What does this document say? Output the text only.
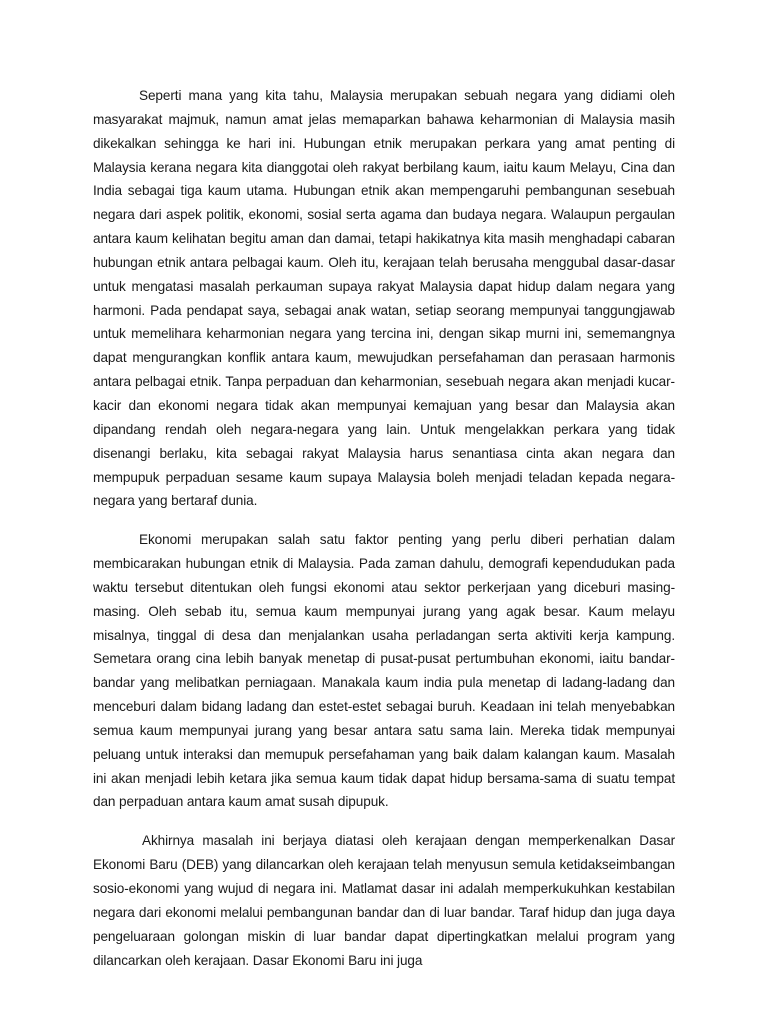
Seperti mana yang kita tahu, Malaysia merupakan sebuah negara yang didiami oleh masyarakat majmuk, namun amat jelas memaparkan bahawa keharmonian di Malaysia masih dikekalkan sehingga ke hari ini. Hubungan etnik merupakan perkara yang amat penting di Malaysia kerana negara kita dianggotai oleh rakyat berbilang kaum, iaitu kaum Melayu, Cina dan India sebagai tiga kaum utama. Hubungan etnik akan mempengaruhi pembangunan sesebuah negara dari aspek politik, ekonomi, sosial serta agama dan budaya negara. Walaupun pergaulan antara kaum kelihatan begitu aman dan damai, tetapi hakikatnya kita masih menghadapi cabaran hubungan etnik antara pelbagai kaum. Oleh itu, kerajaan telah berusaha menggubal dasar-dasar untuk mengatasi masalah perkauman supaya rakyat Malaysia dapat hidup dalam negara yang harmoni. Pada pendapat saya, sebagai anak watan, setiap seorang mempunyai tanggungjawab untuk memelihara keharmonian negara yang tercina ini, dengan sikap murni ini, sememangnya dapat mengurangkan konflik antara kaum, mewujudkan persefahaman dan perasaan harmonis antara pelbagai etnik. Tanpa perpaduan dan keharmonian, sesebuah negara akan menjadi kucar-kacir dan ekonomi negara tidak akan mempunyai kemajuan yang besar dan Malaysia akan dipandang rendah oleh negara-negara yang lain. Untuk mengelakkan perkara yang tidak disenangi berlaku, kita sebagai rakyat Malaysia harus senantiasa cinta akan negara dan mempupuk perpaduan sesame kaum supaya Malaysia boleh menjadi teladan kepada negara-negara yang bertaraf dunia.

Ekonomi merupakan salah satu faktor penting yang perlu diberi perhatian dalam membicarakan hubungan etnik di Malaysia. Pada zaman dahulu, demografi kependudukan pada waktu tersebut ditentukan oleh fungsi ekonomi atau sektor perkerjaan yang diceburi masing-masing. Oleh sebab itu, semua kaum mempunyai jurang yang agak besar. Kaum melayu misalnya, tinggal di desa dan menjalankan usaha perladangan serta aktiviti kerja kampung. Semetara orang cina lebih banyak menetap di pusat-pusat pertumbuhan ekonomi, iaitu bandar-bandar yang melibatkan perniagaan. Manakala kaum india pula menetap di ladang-ladang dan menceburi dalam bidang ladang dan estet-estet sebagai buruh. Keadaan ini telah menyebabkan semua kaum mempunyai jurang yang besar antara satu sama lain. Mereka tidak mempunyai peluang untuk interaksi dan memupuk persefahaman yang baik dalam kalangan kaum. Masalah ini akan menjadi lebih ketara jika semua kaum tidak dapat hidup bersama-sama di suatu tempat dan perpaduan antara kaum amat susah dipupuk.

Akhirnya masalah ini berjaya diatasi oleh kerajaan dengan memperkenalkan Dasar Ekonomi Baru (DEB) yang dilancarkan oleh kerajaan telah menyusun semula ketidakseimbangan sosio-ekonomi yang wujud di negara ini. Matlamat dasar ini adalah memperkukuhkan kestabilan negara dari ekonomi melalui pembangunan bandar dan di luar bandar. Taraf hidup dan juga daya pengeluaraan golongan miskin di luar bandar dapat dipertingkatkan melalui program yang dilancarkan oleh kerajaan. Dasar Ekonomi Baru ini juga
